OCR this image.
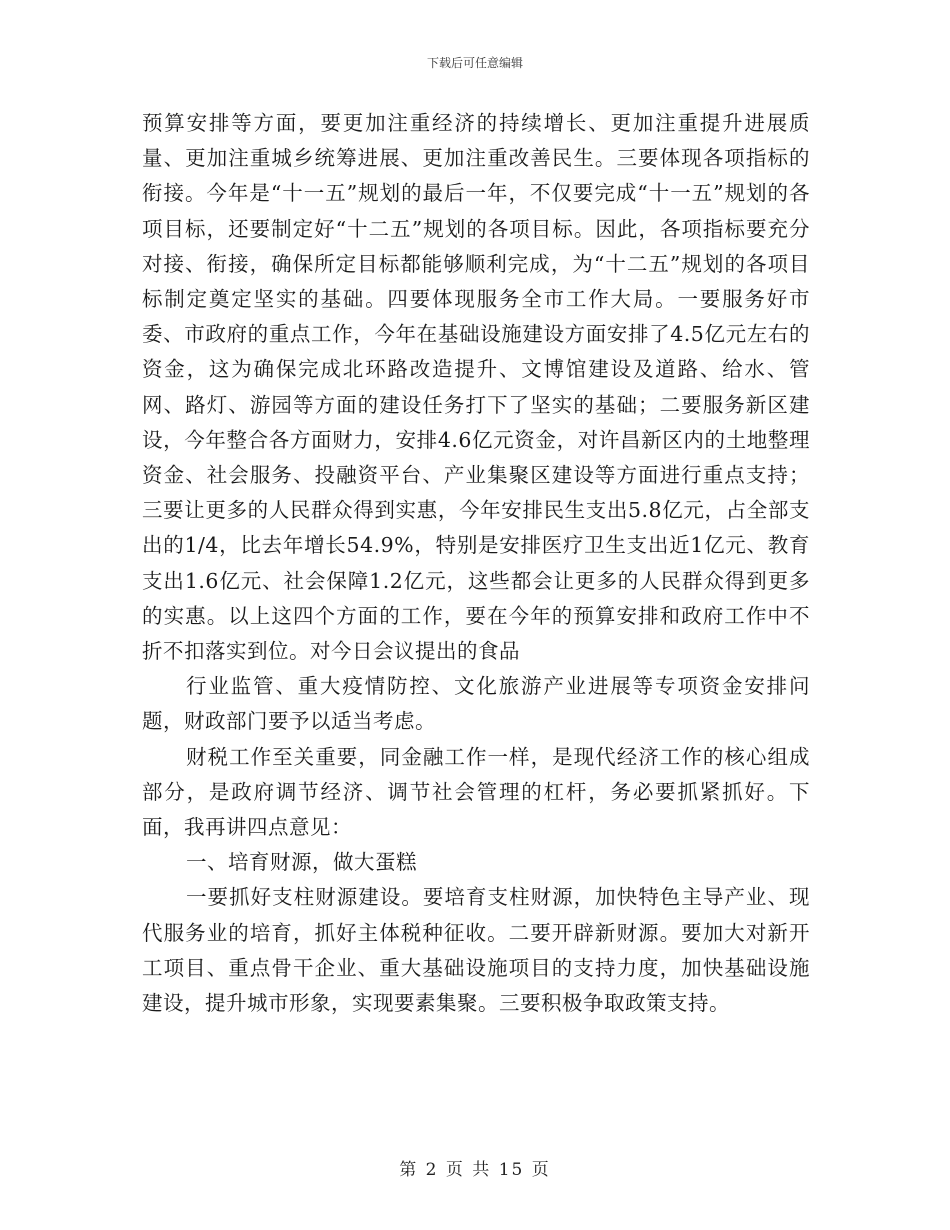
下载后可任意编辑

预算安排等方面，要更加注重经济的持续增长、更加注重提升进展质量、更加注重城乡统筹进展、更加注重改善民生。三要体现各项指标的衔接。今年是“十一五”规划的最后一年，不仅要完成“十一五”规划的各项目标，还要制定好“十二五”规划的各项目标。因此，各项指标要充分对接、衔接，确保所定目标都能够顺利完成，为“十二五”规划的各项目标制定奠定坚实的基础。四要体现服务全市工作大局。一要服务好市委、市政府的重点工作，今年在基础设施建设方面安排了4.5亿元左右的资金，这为确保完成北环路改造提升、文博馆建设及道路、给水、管网、路灯、游园等方面的建设任务打下了坚实的基础；二要服务新区建设，今年整合各方面财力，安排4.6亿元资金，对许昌新区内的土地整理资金、社会服务、投融资平台、产业集聚区建设等方面进行重点支持；三要让更多的人民群众得到实惠，今年安排民生支出5.8亿元，占全部支出的1/4，比去年增长54.9%，特别是安排医疗卫生支出近1亿元、教育支出1.6亿元、社会保障1.2亿元，这些都会让更多的人民群众得到更多的实惠。以上这四个方面的工作，要在今年的预算安排和政府工作中不折不扣落实到位。对今日会议提出的食品

行业监管、重大疫情防控、文化旅游产业进展等专项资金安排问题，财政部门要予以适当考虑。

财税工作至关重要，同金融工作一样，是现代经济工作的核心组成部分，是政府调节经济、调节社会管理的杠杆，务必要抓紧抓好。下面，我再讲四点意见：

一、培育财源，做大蛋糕

一要抓好支柱财源建设。要培育支柱财源，加快特色主导产业、现代服务业的培育，抓好主体税种征收。二要开辟新财源。要加大对新开工项目、重点骨干企业、重大基础设施项目的支持力度，加快基础设施建设，提升城市形象，实现要素集聚。三要积极争取政策支持。

第 2 页 共 15 页
